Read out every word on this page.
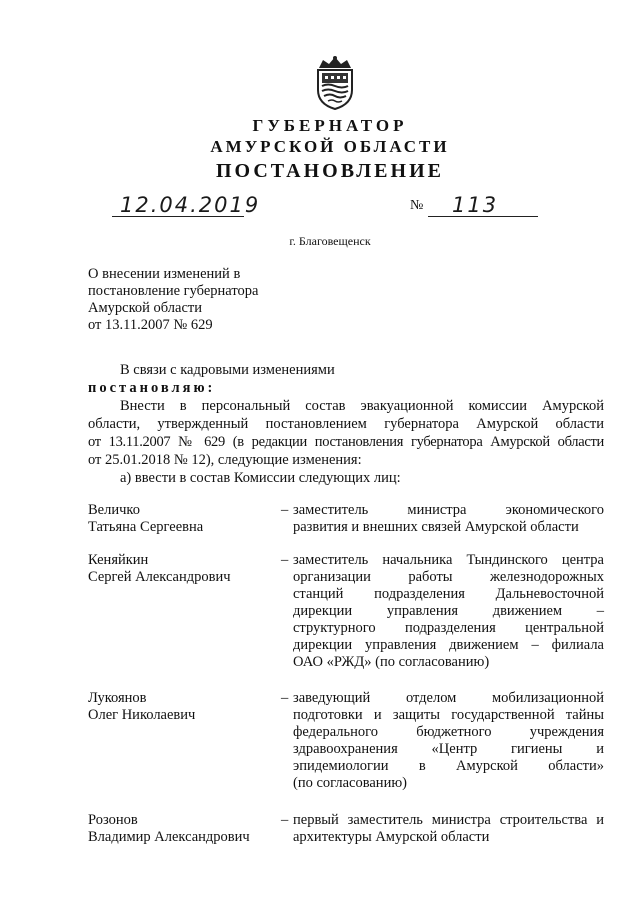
ГУБЕРНАТОР
АМУРСКОЙ ОБЛАСТИ
ПОСТАНОВЛЕНИЕ
12.04.2019	№ 113
г. Благовещенск
О внесении изменений в
постановление губернатора
Амурской области
от 13.11.2007 № 629
В связи с кадровыми изменениями
постановляю:
Внести в персональный состав эвакуационной комиссии Амурской
области, утвержденный постановлением губернатора Амурской области
от 13.11.2007 № 629 (в редакции постановления губернатора Амурской области
от 25.01.2018 № 12), следующие изменения:
а) ввести в состав Комиссии следующих лиц:
Величко
Татьяна Сергеевна
– заместитель министра экономического
развития и внешних связей Амурской области
Кеняйкин
Сергей Александрович
– заместитель начальника Тындинского центра
организации работы железнодорожных
станций подразделения Дальневосточной
дирекции управления движением –
структурного подразделения центральной
дирекции управления движением – филиала
ОАО «РЖД» (по согласованию)
Лукоянов
Олег Николаевич
– заведующий отделом мобилизационной
подготовки и защиты государственной тайны
федерального бюджетного учреждения
здравоохранения «Центр гигиены и
эпидемиологии в Амурской области»
(по согласованию)
Розонов
Владимир Александрович
– первый заместитель министра строительства и
архитектуры Амурской области
